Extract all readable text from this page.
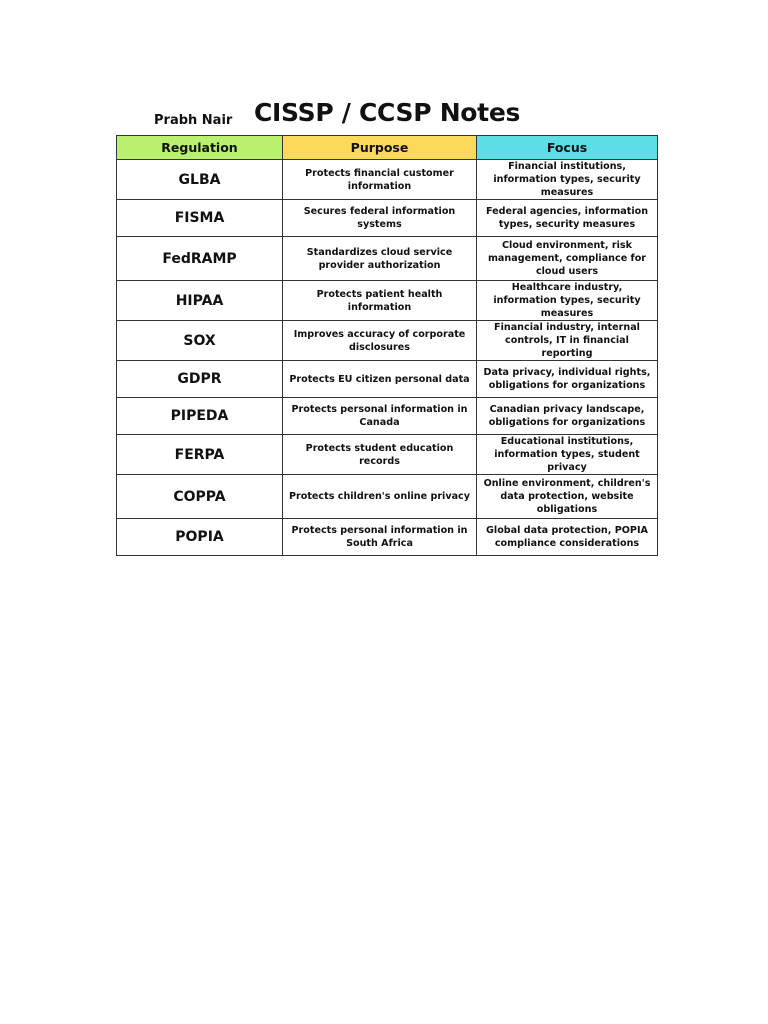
Prabh Nair CISSP / CCSP Notes
Regulation	Purpose	Focus
GLBA	Protects financial customer information	Financial institutions, information types, security measures
FISMA	Secures federal information systems	Federal agencies, information types, security measures
FedRAMP	Standardizes cloud service provider authorization	Cloud environment, risk management, compliance for cloud users
HIPAA	Protects patient health information	Healthcare industry, information types, security measures
SOX	Improves accuracy of corporate disclosures	Financial industry, internal controls, IT in financial reporting
GDPR	Protects EU citizen personal data	Data privacy, individual rights, obligations for organizations
PIPEDA	Protects personal information in Canada	Canadian privacy landscape, obligations for organizations
FERPA	Protects student education records	Educational institutions, information types, student privacy
COPPA	Protects children's online privacy	Online environment, children's data protection, website obligations
POPIA	Protects personal information in South Africa	Global data protection, POPIA compliance considerations
